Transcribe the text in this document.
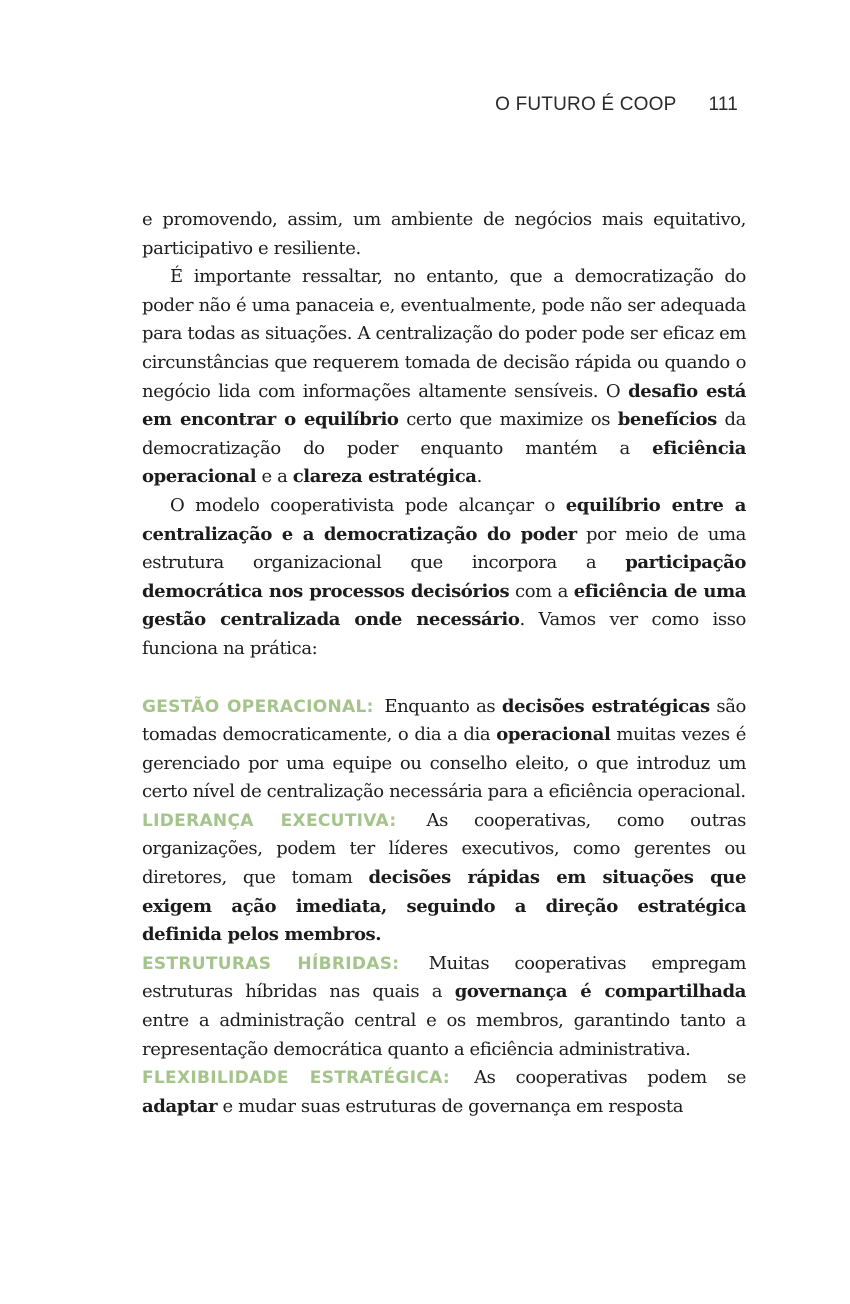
O FUTURO É COOP 111

e promovendo, assim, um ambiente de negócios mais equitativo, participativo e resiliente.

É importante ressaltar, no entanto, que a democratização do poder não é uma panaceia e, eventualmente, pode não ser adequada para todas as situações. A centralização do poder pode ser eficaz em circunstâncias que requerem tomada de decisão rápida ou quando o negócio lida com informações altamente sensíveis. O desafio está em encontrar o equilíbrio certo que maximize os benefícios da democratização do poder enquanto mantém a eficiência operacional e a clareza estratégica.

O modelo cooperativista pode alcançar o equilíbrio entre a centralização e a democratização do poder por meio de uma estrutura organizacional que incorpora a participação democrática nos processos decisórios com a eficiência de uma gestão centralizada onde necessário. Vamos ver como isso funciona na prática:

GESTÃO OPERACIONAL: Enquanto as decisões estratégicas são tomadas democraticamente, o dia a dia operacional muitas vezes é gerenciado por uma equipe ou conselho eleito, o que introduz um certo nível de centralização necessária para a eficiência operacional.

LIDERANÇA EXECUTIVA: As cooperativas, como outras organizações, podem ter líderes executivos, como gerentes ou diretores, que tomam decisões rápidas em situações que exigem ação imediata, seguindo a direção estratégica definida pelos membros.

ESTRUTURAS HÍBRIDAS: Muitas cooperativas empregam estruturas híbridas nas quais a governança é compartilhada entre a administração central e os membros, garantindo tanto a representação democrática quanto a eficiência administrativa.

FLEXIBILIDADE ESTRATÉGICA: As cooperativas podem se adaptar e mudar suas estruturas de governança em resposta
